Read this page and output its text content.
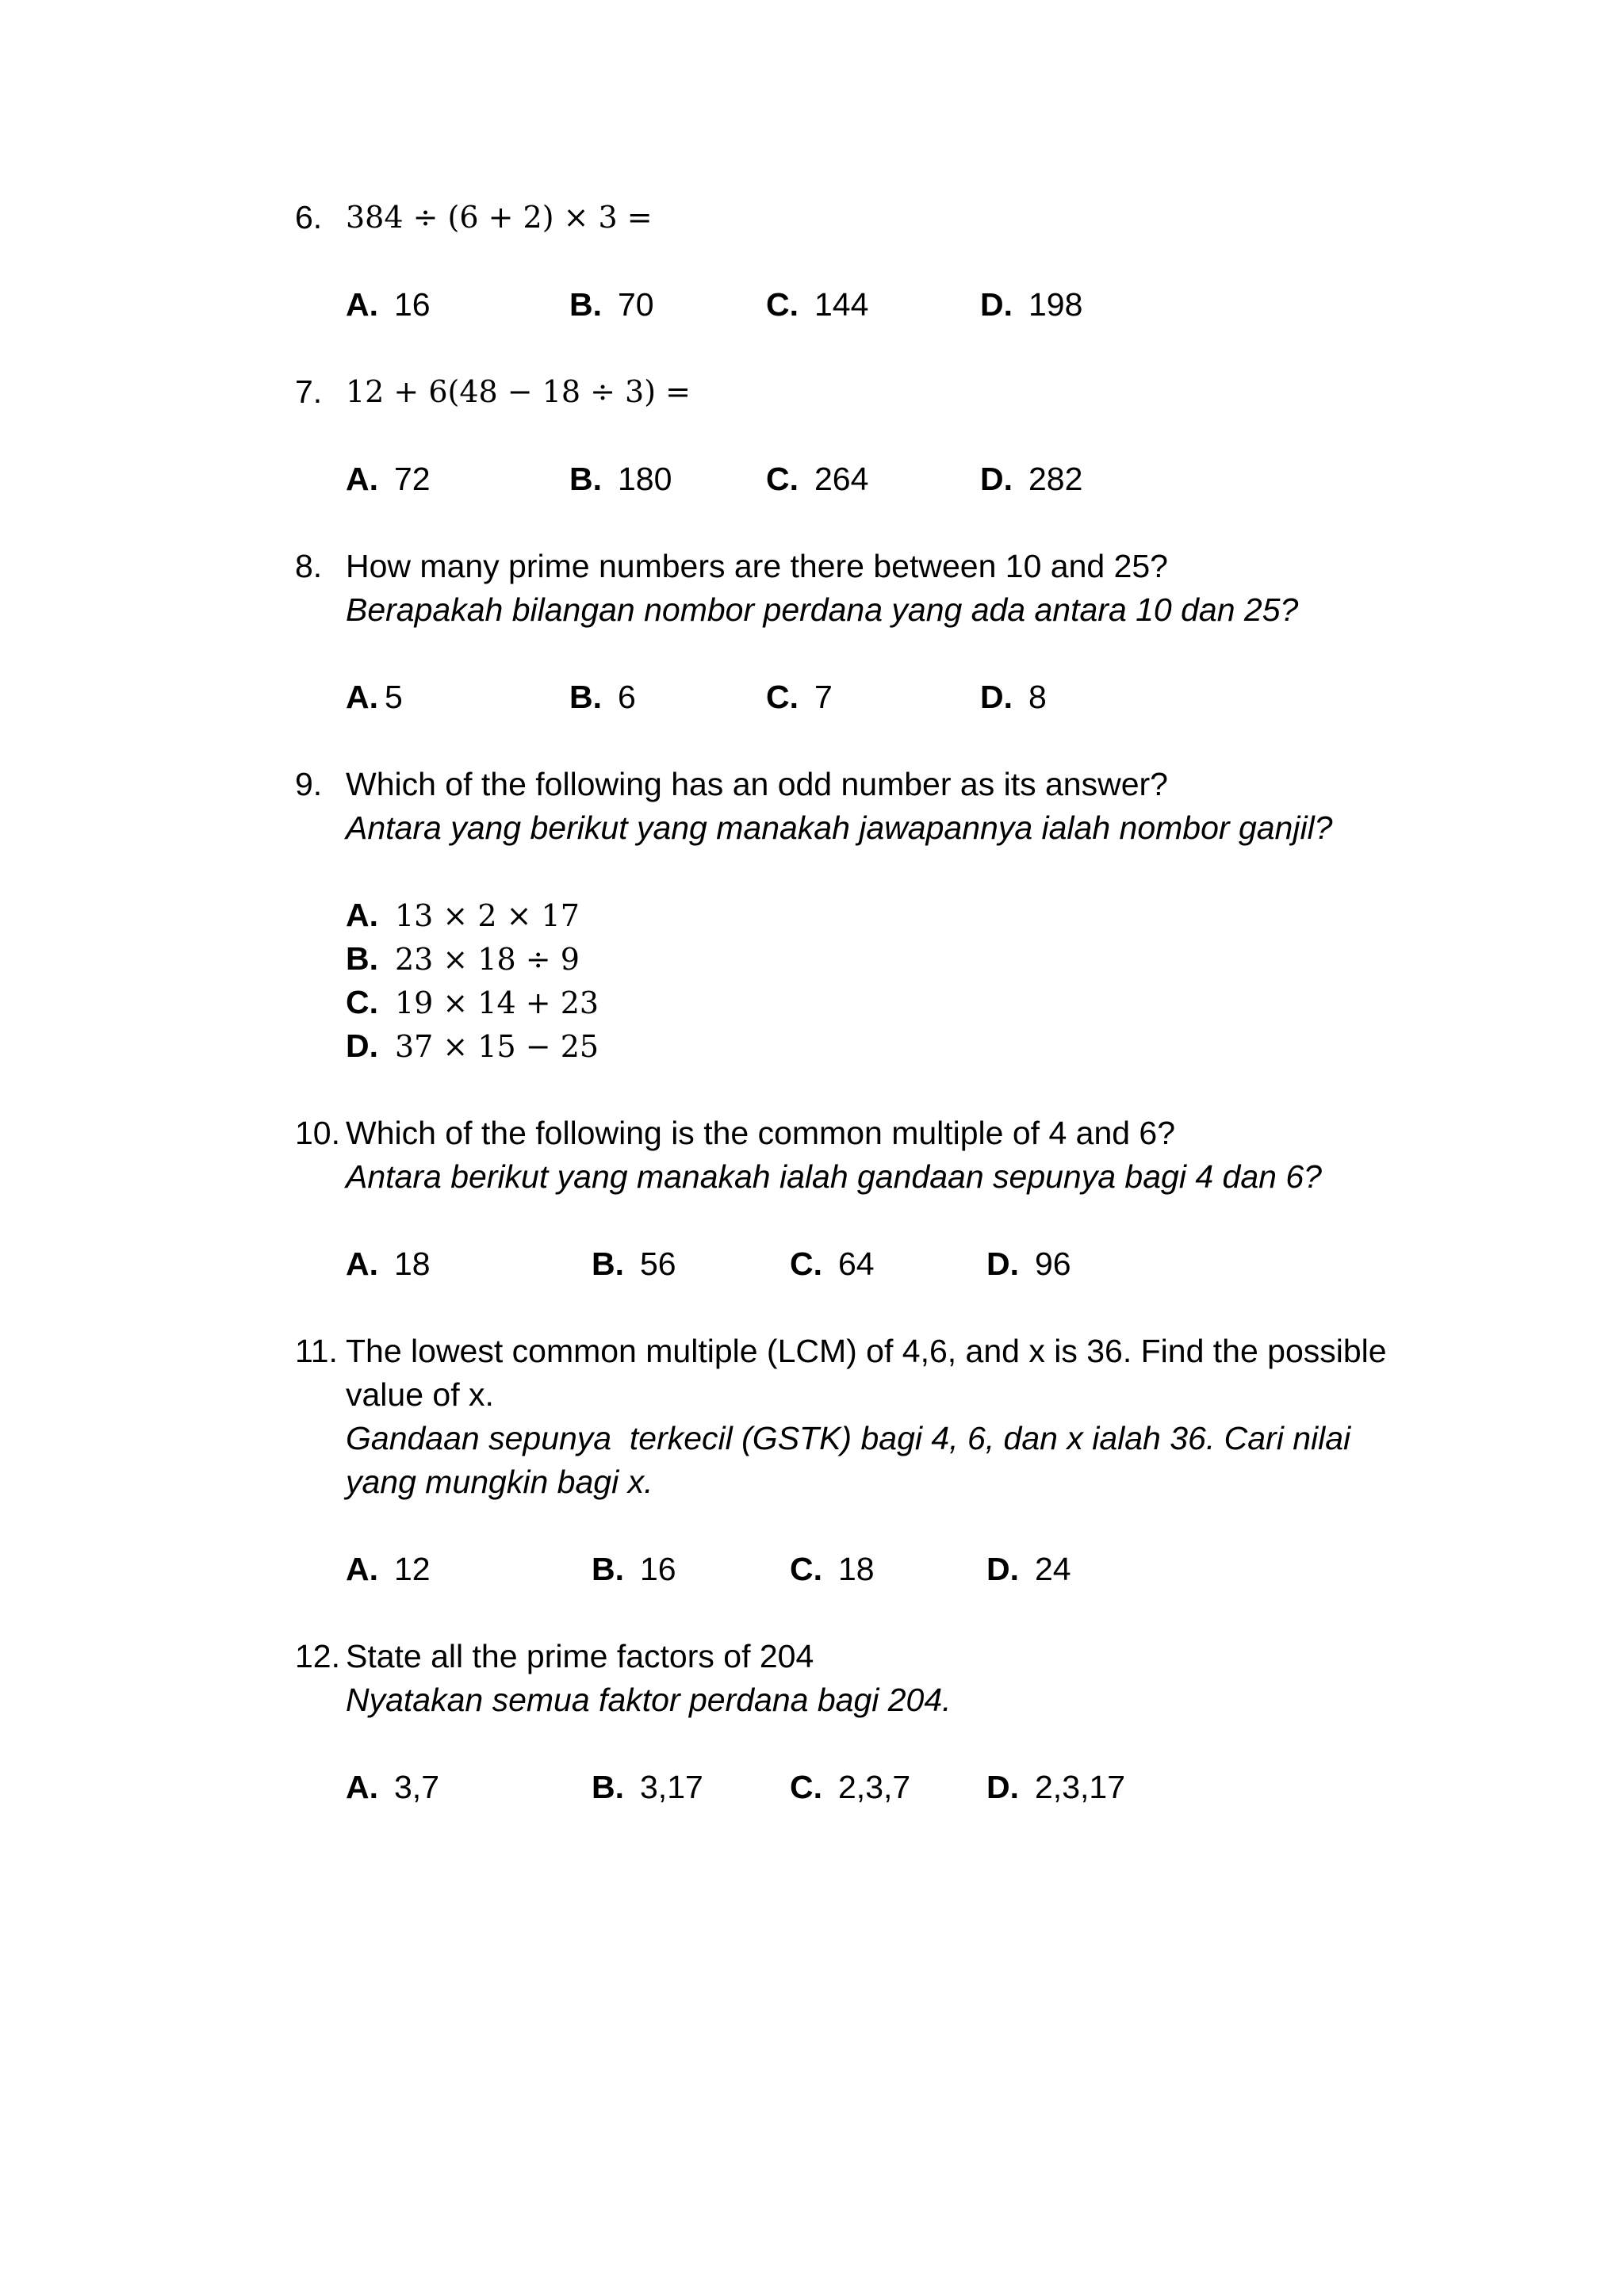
6. 384 ÷ (6 + 2) × 3 =
A. 16	B. 70	C. 144	D. 198
7. 12 + 6(48 − 18 ÷ 3) =
A. 72	B. 180	C. 264	D. 282
8. How many prime numbers are there between 10 and 25?
Berapakah bilangan nombor perdana yang ada antara 10 dan 25?
A. 5	B. 6	C. 7	D. 8
9. Which of the following has an odd number as its answer?
Antara yang berikut yang manakah jawapannya ialah nombor ganjil?
A. 13 × 2 × 17
B. 23 × 18 ÷ 9
C. 19 × 14 + 23
D. 37 × 15 − 25
10. Which of the following is the common multiple of 4 and 6?
Antara berikut yang manakah ialah gandaan sepunya bagi 4 dan 6?
A. 18	B. 56	C. 64	D. 96
11. The lowest common multiple (LCM) of 4,6, and x is 36. Find the possible
value of x.
Gandaan sepunya  terkecil (GSTK) bagi 4, 6, dan x ialah 36. Cari nilai
yang mungkin bagi x.
A. 12	B. 16	C. 18	D. 24
12. State all the prime factors of 204
Nyatakan semua faktor perdana bagi 204.
A. 3,7	B. 3,17	C. 2,3,7 D. 2,3,17
